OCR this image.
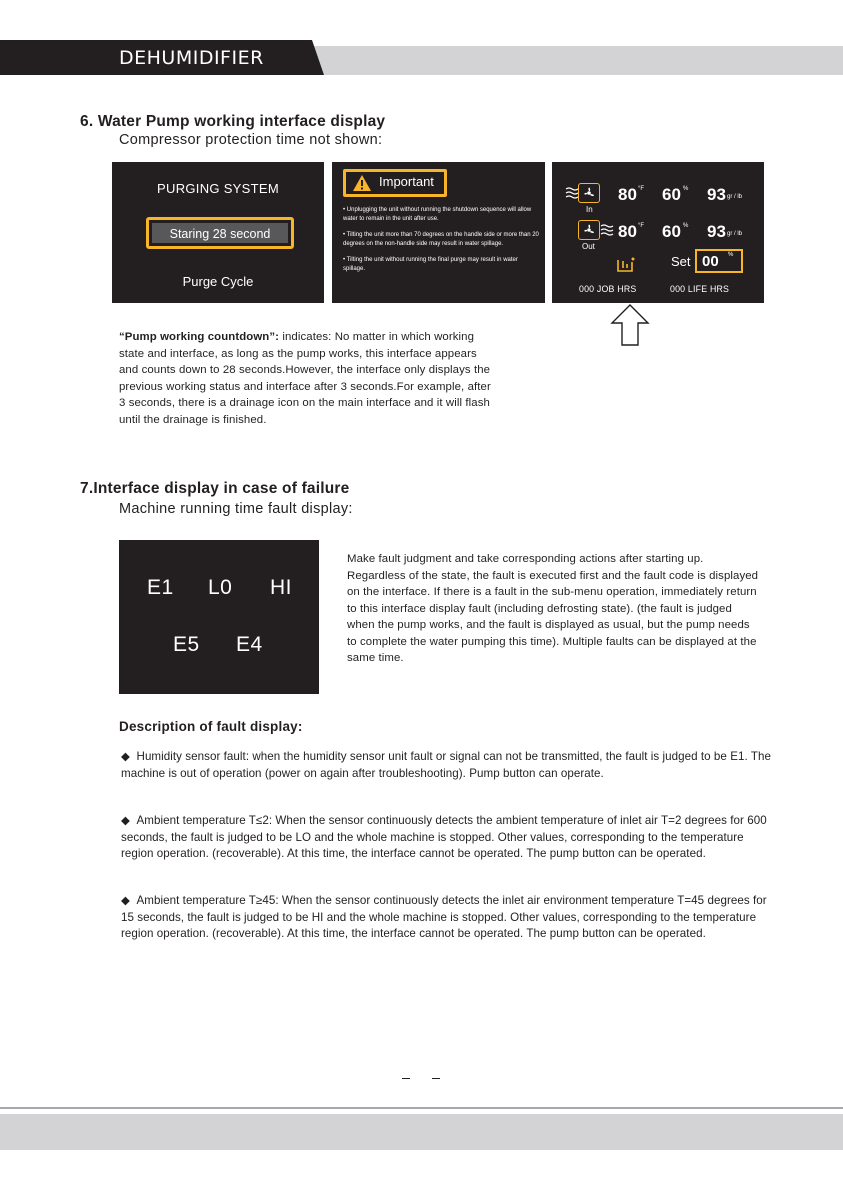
DEHUMIDIFIER
6. Water Pump working interface display
Compressor protection time not shown:
PURGING SYSTEM
Staring 28 second
Purge Cycle
Important

• Unplugging the unit without running the shutdown sequence will allow water to remain in the unit after use.

• Tilting the unit more than 70 degrees on the handle side or more than 20 degrees on the non-handle side may result in water spillage.

• Tilting the unit without running the final purge may result in water spillage.

In
80 °F 60 % 93 gr / lb
Out
80 °F 60 % 93 gr / lb
Set 00 %
000 JOB HRS	000 LIFE HRS
“Pump working countdown”: indicates: No matter in which working state and interface, as long as the pump works, this interface appears and counts down to 28 seconds.However, the interface only displays the previous working status and interface after 3 seconds.For example, after 3 seconds, there is a drainage icon on the main interface and it will flash until the drainage is finished.
7.Interface display in case of failure
Machine running time fault display:
E1 L0 HI
E5 E4
Make fault judgment and take corresponding actions after starting up. Regardless of the state, the fault is executed first and the fault code is displayed on the interface. If there is a fault in the sub-menu operation, immediately return to this interface display fault (including defrosting state). (the fault is judged when the pump works, and the fault is displayed as usual, but the pump needs to complete the water pumping this time). Multiple faults can be displayed at the same time.
Description of fault display:
◆ Humidity sensor fault: when the humidity sensor unit fault or signal can not be transmitted, the fault is judged to be E1. The machine is out of operation (power on again after troubleshooting). Pump button can operate.
◆ Ambient temperature T≤2: When the sensor continuously detects the ambient temperature of inlet air T=2 degrees for 600 seconds, the fault is judged to be LO and the whole machine is stopped. Other values, corresponding to the temperature region operation. (recoverable). At this time, the interface cannot be operated. The pump button can be operated.
◆ Ambient temperature T≥45: When the sensor continuously detects the inlet air environment temperature T=45 degrees for 15 seconds, the fault is judged to be HI and the whole machine is stopped. Other values, corresponding to the temperature region operation. (recoverable). At this time, the interface cannot be operated. The pump button can be operated.
